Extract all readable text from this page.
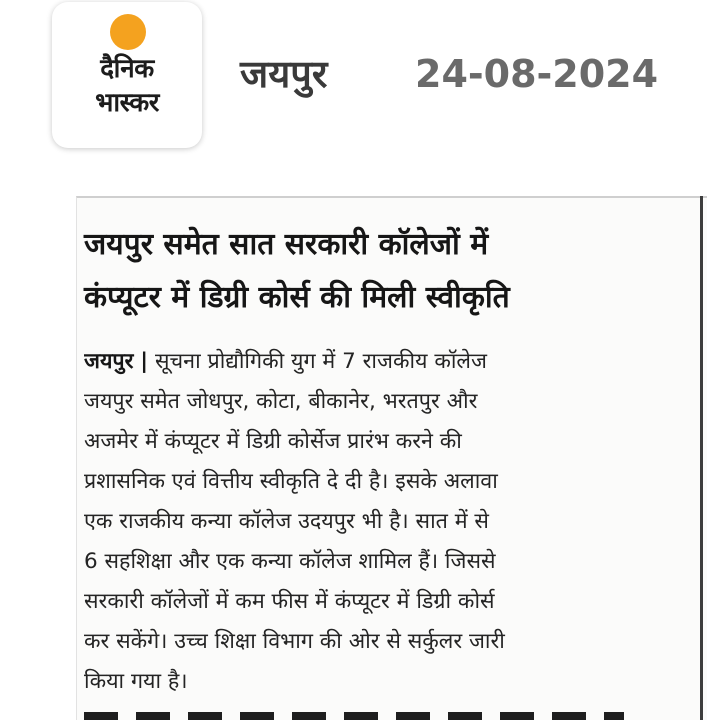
दैनिक
भास्कर
जयपुर 24-08-2024
जयपुर समेत सात सरकारी कॉलेजों में
कंप्यूटर में डिग्री कोर्स की मिली स्वीकृति
जयपुर | सूचना प्रोद्यौगिकी युग में 7 राजकीय कॉलेज
जयपुर समेत जोधपुर, कोटा, बीकानेर, भरतपुर और
अजमेर में कंप्यूटर में डिग्री कोर्सेज प्रारंभ करने की
प्रशासनिक एवं वित्तीय स्वीकृति दे दी है। इसके अलावा
एक राजकीय कन्या कॉलेज उदयपुर भी है। सात में से
6 सहशिक्षा और एक कन्या कॉलेज शामिल हैं। जिससे
सरकारी कॉलेजों में कम फीस में कंप्यूटर में डिग्री कोर्स
कर सकेंगे। उच्च शिक्षा विभाग की ओर से सर्कुलर जारी
किया गया है।
